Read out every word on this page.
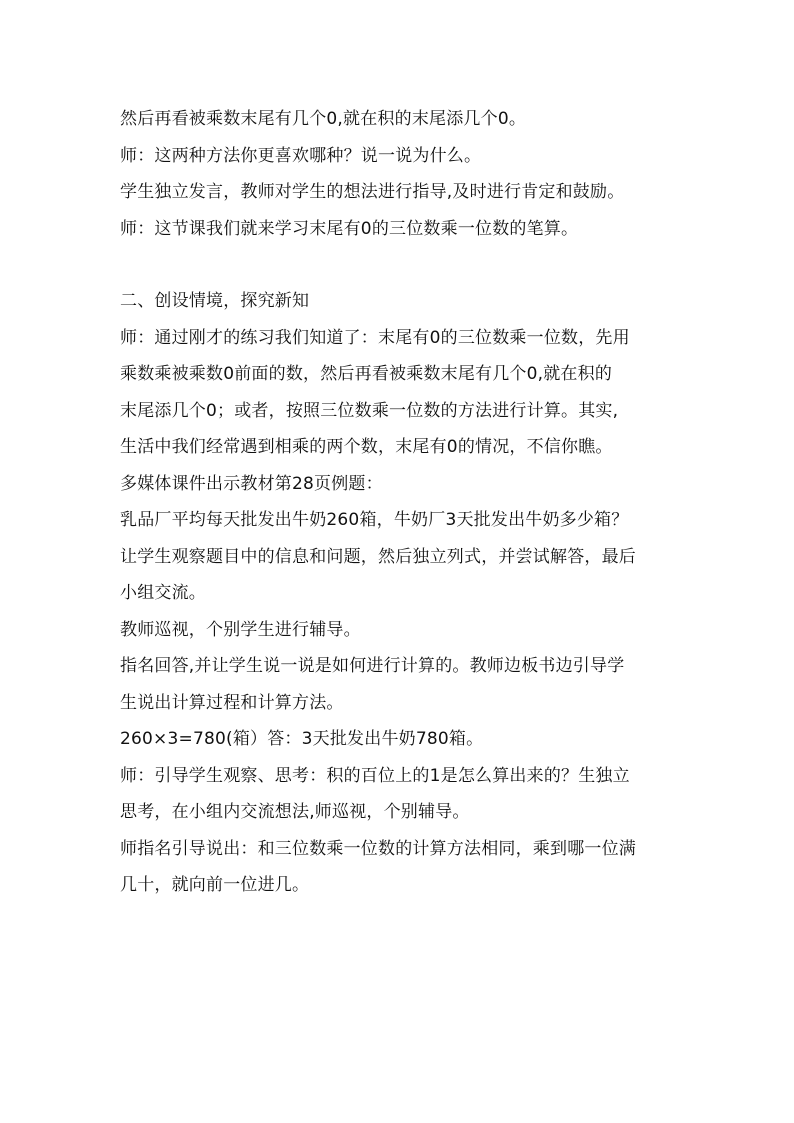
然后再看被乘数末尾有几个0,就在积的末尾添几个0。

师：这两种方法你更喜欢哪种？说一说为什么。

学生独立发言，教师对学生的想法进行指导,及时进行肯定和鼓励。

师：这节课我们就来学习末尾有0的三位数乘一位数的笔算。

二、创设情境，探究新知

师：通过刚才的练习我们知道了：末尾有0的三位数乘一位数，先用
乘数乘被乘数0前面的数，然后再看被乘数末尾有几个0,就在积的
末尾添几个0；或者，按照三位数乘一位数的方法进行计算。其实,
生活中我们经常遇到相乘的两个数，末尾有0的情况，不信你瞧。

多媒体课件出示教材第28页例题：

乳品厂平均每天批发出牛奶260箱，牛奶厂3天批发出牛奶多少箱？

让学生观察题目中的信息和问题，然后独立列式，并尝试解答，最后
小组交流。

教师巡视，个别学生进行辅导。

指名回答,并让学生说一说是如何进行计算的。教师边板书边引导学
生说出计算过程和计算方法。

260×3=780(箱）答：3天批发出牛奶780箱。

师：引导学生观察、思考：积的百位上的1是怎么算出来的？生独立
思考，在小组内交流想法,师巡视，个别辅导。

师指名引导说出：和三位数乘一位数的计算方法相同，乘到哪一位满
几十，就向前一位进几。
